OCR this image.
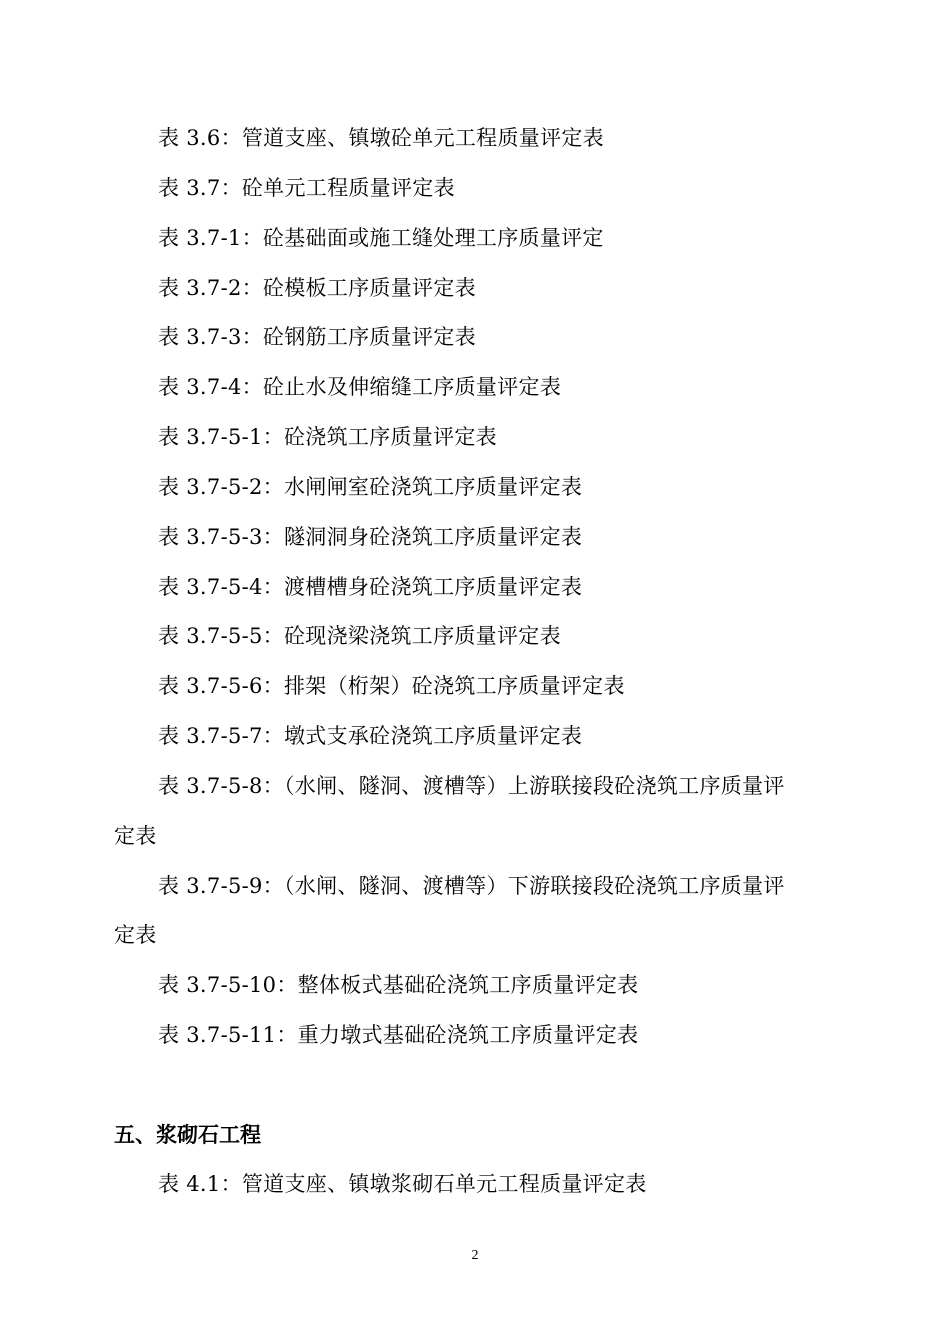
表 3.6：管道支座、镇墩砼单元工程质量评定表
表 3.7：砼单元工程质量评定表
表 3.7-1：砼基础面或施工缝处理工序质量评定
表 3.7-2：砼模板工序质量评定表
表 3.7-3：砼钢筋工序质量评定表
表 3.7-4：砼止水及伸缩缝工序质量评定表
表 3.7-5-1：砼浇筑工序质量评定表
表 3.7-5-2：水闸闸室砼浇筑工序质量评定表
表 3.7-5-3：隧洞洞身砼浇筑工序质量评定表
表 3.7-5-4：渡槽槽身砼浇筑工序质量评定表
表 3.7-5-5：砼现浇梁浇筑工序质量评定表
表 3.7-5-6：排架（桁架）砼浇筑工序质量评定表
表 3.7-5-7：墩式支承砼浇筑工序质量评定表
表 3.7-5-8：（水闸、隧洞、渡槽等）上游联接段砼浇筑工序质量评
定表
表 3.7-5-9：（水闸、隧洞、渡槽等）下游联接段砼浇筑工序质量评
定表
表 3.7-5-10：整体板式基础砼浇筑工序质量评定表
表 3.7-5-11：重力墩式基础砼浇筑工序质量评定表
五、浆砌石工程
表 4.1：管道支座、镇墩浆砌石单元工程质量评定表
2
